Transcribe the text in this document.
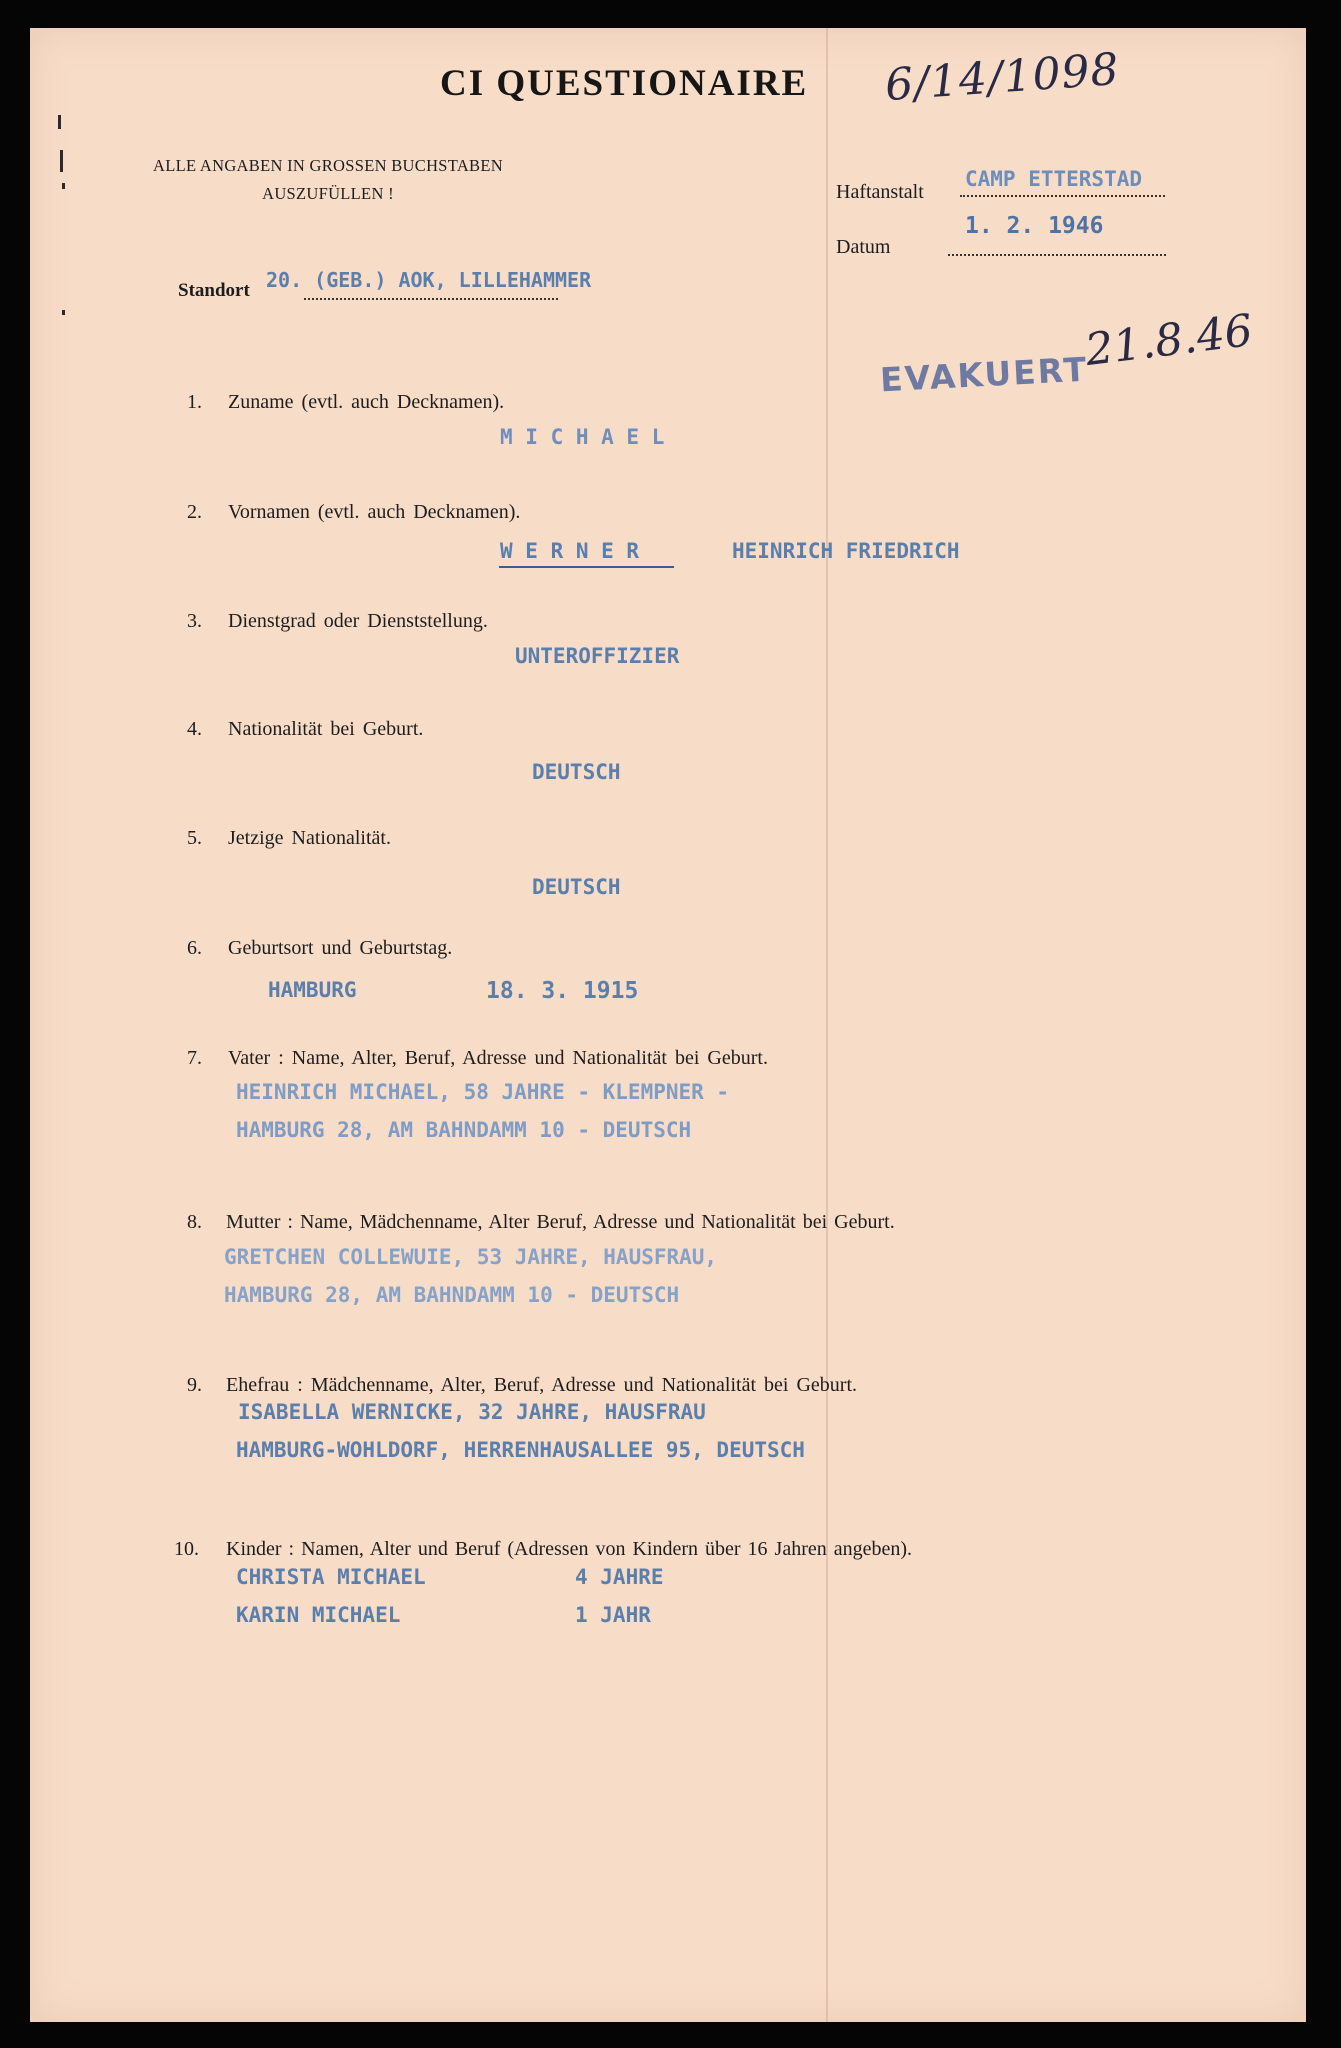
CI QUESTIONAIRE 6/14/1098
ALLE ANGABEN IN GROSSEN BUCHSTABEN
AUSZUFÜLLEN !	Haftanstalt
CAMP ETTERSTAD
Datum
1. 2. 1946
Standort 20. (GEB.) AOK, LILLEHAMMER
EVAKUERT
21.8.46
1. Zuname (evtl. auch Decknamen).
M I C H A E L
2. Vornamen (evtl. auch Decknamen).
W E R N E R	HEINRICH FRIEDRICH
3. Dienstgrad oder Dienststellung.
UNTEROFFIZIER
4. Nationalität bei Geburt.
DEUTSCH
5. Jetzige Nationalität.
DEUTSCH
6. Geburtsort und Geburtstag.
HAMBURG	18. 3. 1915
7. Vater : Name, Alter, Beruf, Adresse und Nationalität bei Geburt.
HEINRICH MICHAEL, 58 JAHRE - KLEMPNER -
HAMBURG 28, AM BAHNDAMM 10 - DEUTSCH
8. Mutter : Name, Mädchenname, Alter Beruf, Adresse und Nationalität bei Geburt.
GRETCHEN COLLEWUIE, 53 JAHRE, HAUSFRAU,
HAMBURG 28, AM BAHNDAMM 10 - DEUTSCH
9. Ehefrau : Mädchenname, Alter, Beruf, Adresse und Nationalität bei Geburt.
ISABELLA WERNICKE, 32 JAHRE, HAUSFRAU
HAMBURG-WOHLDORF, HERRENHAUSALLEE 95, DEUTSCH
10. Kinder : Namen, Alter und Beruf (Adressen von Kindern über 16 Jahren angeben).
CHRISTA MICHAEL	4 JAHRE
KARIN MICHAEL	1 JAHR
